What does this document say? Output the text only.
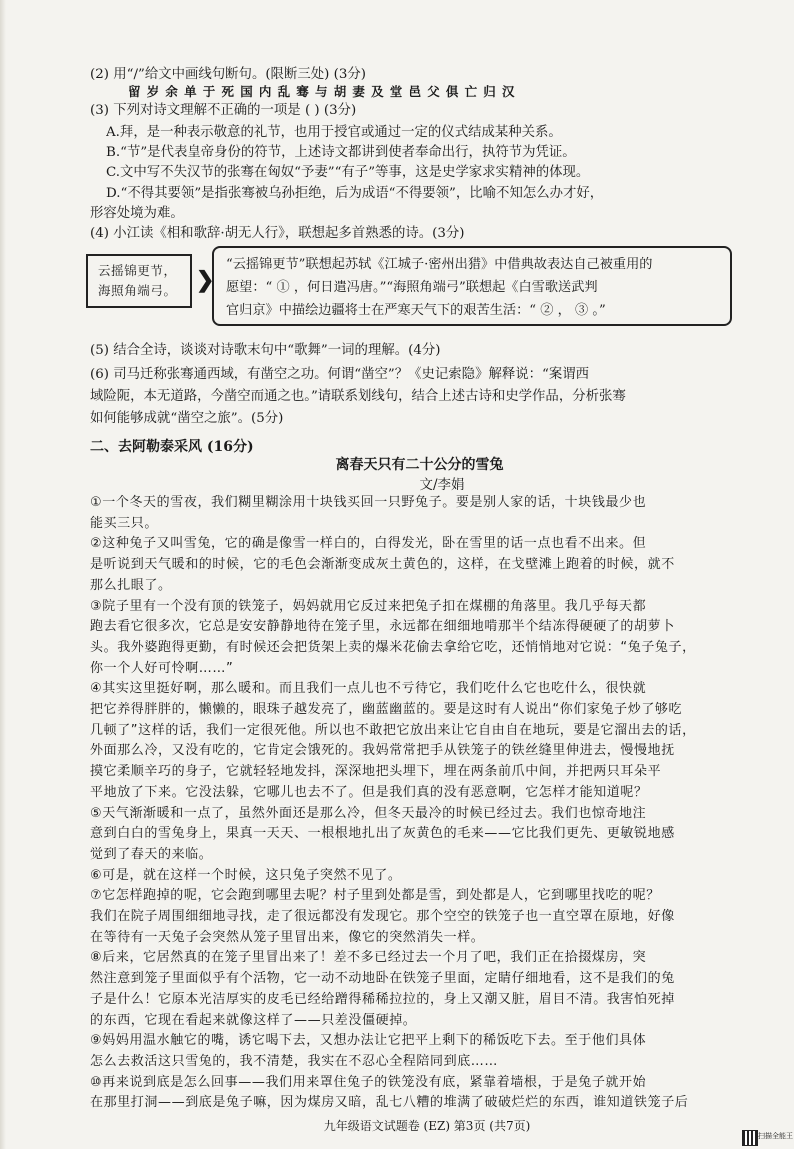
(2) 用“/”给文中画线句断句。(限断三处) (3分)
留岁余单于死国内乱骞与胡妻及堂邑父俱亡归汉
(3) 下列对诗文理解不正确的一项是 ( ) (3分)
A.拜，是一种表示敬意的礼节，也用于授官或通过一定的仪式结成某种关系。
B.“节”是代表皇帝身份的符节，上述诗文都讲到使者奉命出行，执符节为凭证。
C.文中写不失汉节的张骞在匈奴“予妻”“有子”等事，这是史学家求实精神的体现。
D.“不得其要领”是指张骞被乌孙拒绝，后为成语“不得要领”，比喻不知怎么办才好，
形容处境为难。
(4) 小江读《相和歌辞·胡无人行》，联想起多首熟悉的诗。(3分)
云摇锦更节，
海照角端弓。 ❯
“云摇锦更节”联想起苏轼《江城子·密州出猎》中借典故表达自己被重用的
愿望：“ ① ，何日遣冯唐。”“海照角端弓”联想起《白雪歌送武判
官归京》中描绘边疆将士在严寒天气下的艰苦生活：“ ② ， ③ 。”
(5) 结合全诗，谈谈对诗歌末句中“歌舞”一词的理解。(4分)
(6) 司马迁称张骞通西域，有凿空之功。何谓“凿空”？《史记索隐》解释说：“案谓西
域险阨，本无道路，今凿空而通之也。”请联系划线句，结合上述古诗和史学作品，分析张骞
如何能够成就“凿空之旅”。(5分)
二、去阿勒泰采风 (16分)
离春天只有二十公分的雪兔
文/李娟
①一个冬天的雪夜，我们糊里糊涂用十块钱买回一只野兔子。要是别人家的话，十块钱最少也
能买三只。
②这种兔子又叫雪兔，它的确是像雪一样白的，白得发光，卧在雪里的话一点也看不出来。但
是听说到天气暖和的时候，它的毛色会渐渐变成灰土黄色的，这样，在戈壁滩上跑着的时候，就不
那么扎眼了。
③院子里有一个没有顶的铁笼子，妈妈就用它反过来把兔子扣在煤棚的角落里。我几乎每天都
跑去看它很多次，它总是安安静静地待在笼子里，永远都在细细地啃那半个结冻得硬硬了的胡萝卜
头。我外婆跑得更勤，有时候还会把货架上卖的爆米花偷去拿给它吃，还悄悄地对它说：“兔子兔子，
你一个人好可怜啊……”
④其实这里挺好啊，那么暖和。而且我们一点儿也不亏待它，我们吃什么它也吃什么，很快就
把它养得胖胖的，懒懒的，眼珠子越发亮了，幽蓝幽蓝的。要是这时有人说出“你们家兔子炒了够吃
几顿了”这样的话，我们一定很死他。所以也不敢把它放出来让它自由自在地玩，要是它溜出去的话，
外面那么冷，又没有吃的，它肯定会饿死的。我妈常常把手从铁笼子的铁丝缝里伸进去，慢慢地抚
摸它柔顺辛巧的身子，它就轻轻地发抖，深深地把头埋下，埋在两条前爪中间，并把两只耳朵平
平地放了下来。它没法躲，它哪儿也去不了。但是我们真的没有恶意啊，它怎样才能知道呢？
⑤天气渐渐暖和一点了，虽然外面还是那么冷，但冬天最冷的时候已经过去。我们也惊奇地注
意到白白的雪兔身上，果真一天天、一根根地扎出了灰黄色的毛来——它比我们更先、更敏锐地感
觉到了春天的来临。
⑥可是，就在这样一个时候，这只兔子突然不见了。
⑦它怎样跑掉的呢，它会跑到哪里去呢？村子里到处都是雪，到处都是人，它到哪里找吃的呢？
我们在院子周围细细地寻找，走了很远都没有发现它。那个空空的铁笼子也一直空罩在原地，好像
在等待有一天兔子会突然从笼子里冒出来，像它的突然消失一样。
⑧后来，它居然真的在笼子里冒出来了！差不多已经过去一个月了吧，我们正在拾掇煤房，突
然注意到笼子里面似乎有个活物，它一动不动地卧在铁笼子里面，定睛仔细地看，这不是我们的兔
子是什么！它原本光洁厚实的皮毛已经给蹭得稀稀拉拉的，身上又潮又脏，眉目不清。我害怕死掉
的东西，它现在看起来就像这样了——只差没僵硬掉。
⑨妈妈用温水触它的嘴，诱它喝下去，又想办法让它把平上剩下的稀饭吃下去。至于他们具体
怎么去救活这只雪兔的，我不清楚，我实在不忍心全程陪同到底……
⑩再来说到底是怎么回事——我们用来罩住兔子的铁笼没有底，紧靠着墙根，于是兔子就开始
在那里打洞——到底是兔子嘛，因为煤房又暗，乱七八糟的堆满了破破烂烂的东西，谁知道铁笼子后
九年级语文试题卷 (EZ) 第3页 (共7页)
扫描全能王
